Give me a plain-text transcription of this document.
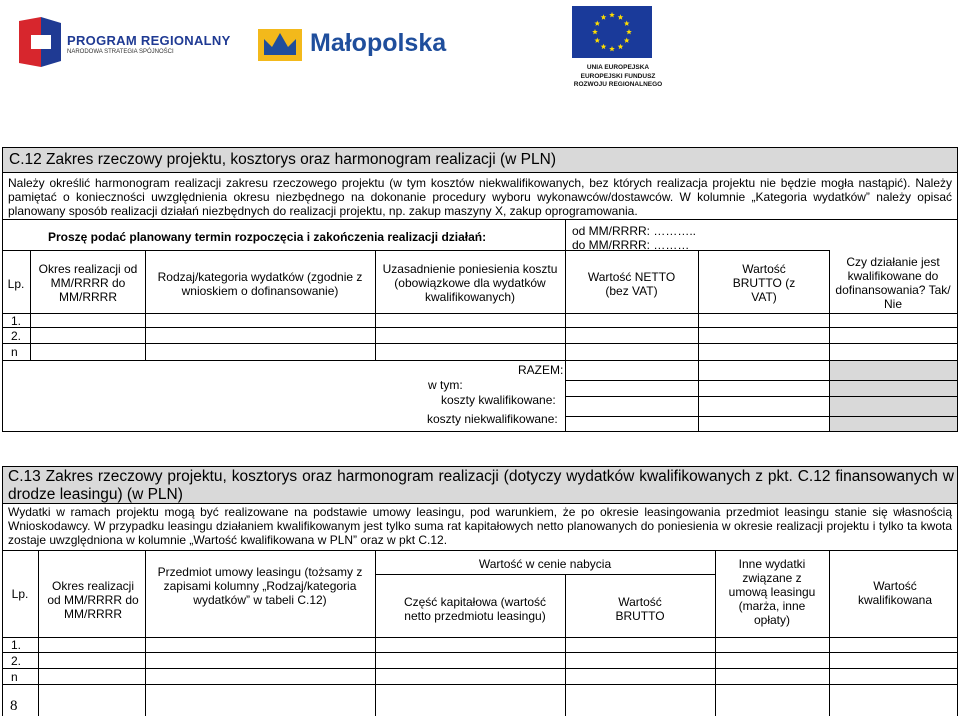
PROGRAM REGIONALNY
NARODOWA STRATEGIA SPÓJNOŚCI	Małopolska
UNIA EUROPEJSKA
EUROPEJSKI FUNDUSZ
ROZWOJU REGIONALNEGO
C.12 Zakres rzeczowy projektu, kosztorys oraz harmonogram realizacji (w PLN)
Należy określić harmonogram realizacji zakresu rzeczowego projektu (w tym kosztów niekwalifikowanych, bez których realizacja projektu nie będzie mogła nastąpić). Należy pamiętać o konieczności uwzględnienia okresu niezbędnego na dokonanie procedury wyboru wykonawców/dostawców. W kolumnie „Kategoria wydatków” należy opisać planowany sposób realizacji działań niezbędnych do realizacji projektu, np. zakup maszyny X, zakup oprogramowania.
Proszę podać planowany termin rozpoczęcia i zakończenia realizacji działań:	od MM/RRRR: ………..
do MM/RRRR: ………
Lp.
Okres realizacji od MM/RRRR do MM/RRRR
Rodzaj/kategoria wydatków (zgodnie z wnioskiem o dofinansowanie)
Uzasadnienie poniesienia kosztu (obowiązkowe dla wydatków kwalifikowanych)
Wartość NETTO (bez VAT)
Wartość BRUTTO (z VAT)
Czy działanie jest kwalifikowane do dofinansowania? Tak/ Nie
1.
2.
n
RAZEM:
w tym:
koszty kwalifikowane:
koszty niekwalifikowane:
C.13 Zakres rzeczowy projektu, kosztorys oraz harmonogram realizacji (dotyczy wydatków kwalifikowanych z pkt. C.12 finansowanych w drodze leasingu) (w PLN)
Wydatki w ramach projektu mogą być realizowane na podstawie umowy leasingu, pod warunkiem, że po okresie leasingowania przedmiot leasingu stanie się własnością Wnioskodawcy. W przypadku leasingu działaniem kwalifikowanym jest tylko suma rat kapitałowych netto planowanych do poniesienia w okresie realizacji projektu i tylko ta kwota zostaje uwzględniona w kolumnie „Wartość kwalifikowana w PLN” oraz w pkt C.12.
Lp.
Okres realizacji od MM/RRRR do MM/RRRR
Przedmiot umowy leasingu (tożsamy z zapisami kolumny „Rodzaj/kategoria wydatków” w tabeli C.12)
Wartość w cenie nabycia
Część kapitałowa (wartość netto przedmiotu leasingu)
Wartość BRUTTO
Inne wydatki związane z umową leasingu (marża, inne opłaty)
Wartość kwalifikowana
1.
2.
n
8
